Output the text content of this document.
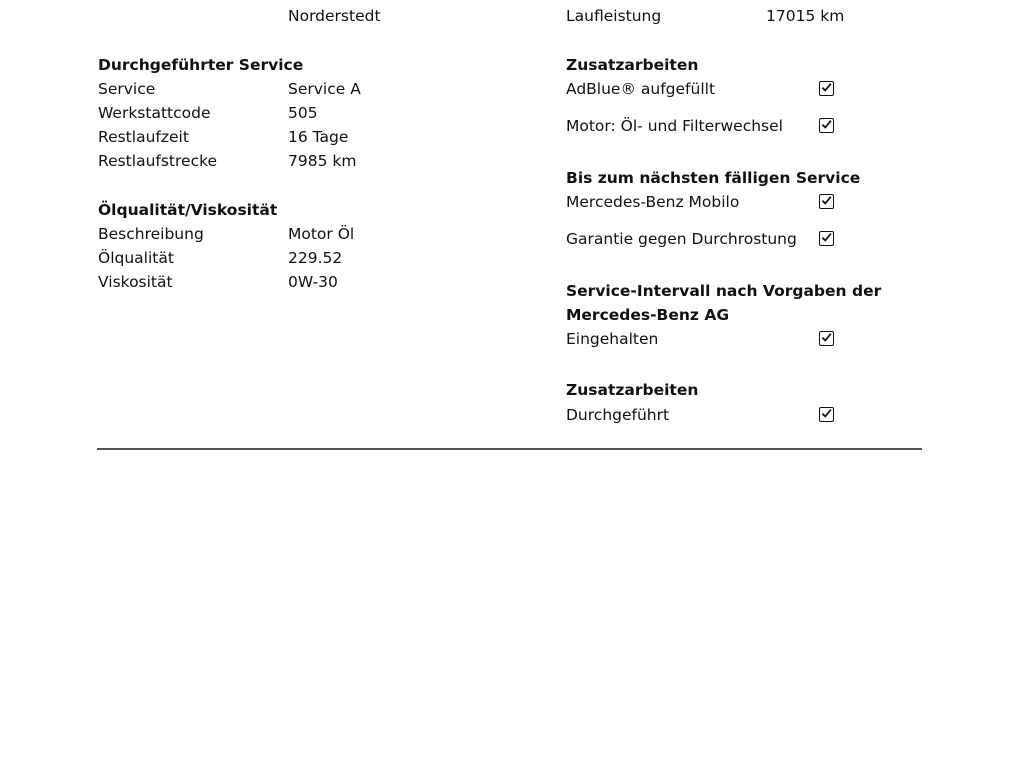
Norderstedt	Laufleistung	17015 km
Durchgeführter Service
Service	Service A
Werkstattcode	505
Restlaufzeit	16 Tage
Restlaufstrecke	7985 km
Ölqualität/Viskosität
Beschreibung	Motor Öl
Ölqualität	229.52
Viskosität	0W-30
Zusatzarbeiten
AdBlue® aufgefüllt
Motor: Öl- und Filterwechsel
Bis zum nächsten fälligen Service
Mercedes-Benz Mobilo
Garantie gegen Durchrostung
Service-Intervall nach Vorgaben der
Mercedes-Benz AG
Eingehalten
Zusatzarbeiten
Durchgeführt
